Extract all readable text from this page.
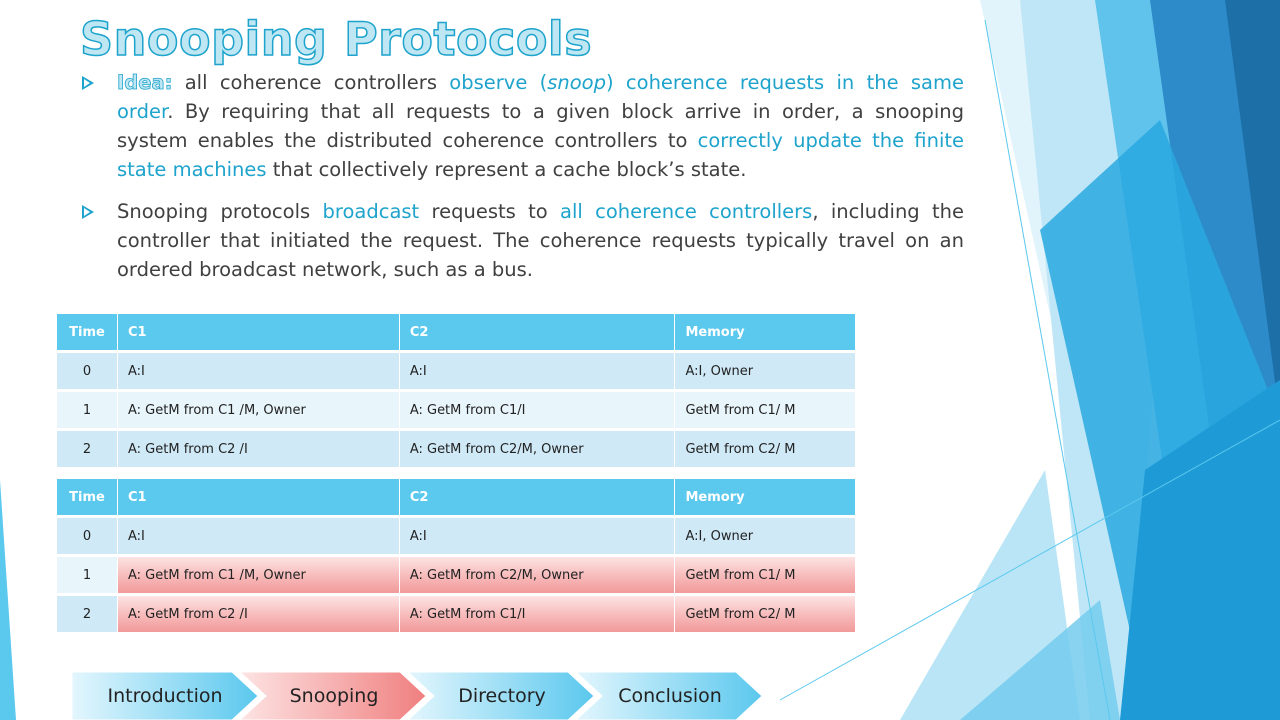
Snooping Protocols
Idea: all coherence controllers observe (snoop) coherence requests in the same order. By requiring that all requests to a given block arrive in order, a snooping system enables the distributed coherence controllers to correctly update the finite state machines that collectively represent a cache block’s state.
Snooping protocols broadcast requests to all coherence controllers, including the controller that initiated the request. The coherence requests typically travel on an ordered broadcast network, such as a bus.
Time	C1	C2	Memory
0	A:I	A:I	A:I, Owner
1	A: GetM from C1 /M, Owner	A: GetM from C1/I	GetM from C1/ M
2	A: GetM from C2 /I	A: GetM from C2/M, Owner	GetM from C2/ M
Time	C1	C2	Memory
0	A:I	A:I	A:I, Owner
1	A: GetM from C1 /M, Owner	A: GetM from C2/M, Owner	GetM from C1/ M
2	A: GetM from C2 /I	A: GetM from C1/I	GetM from C2/ M
Introduction	Snooping	Directory	Conclusion
